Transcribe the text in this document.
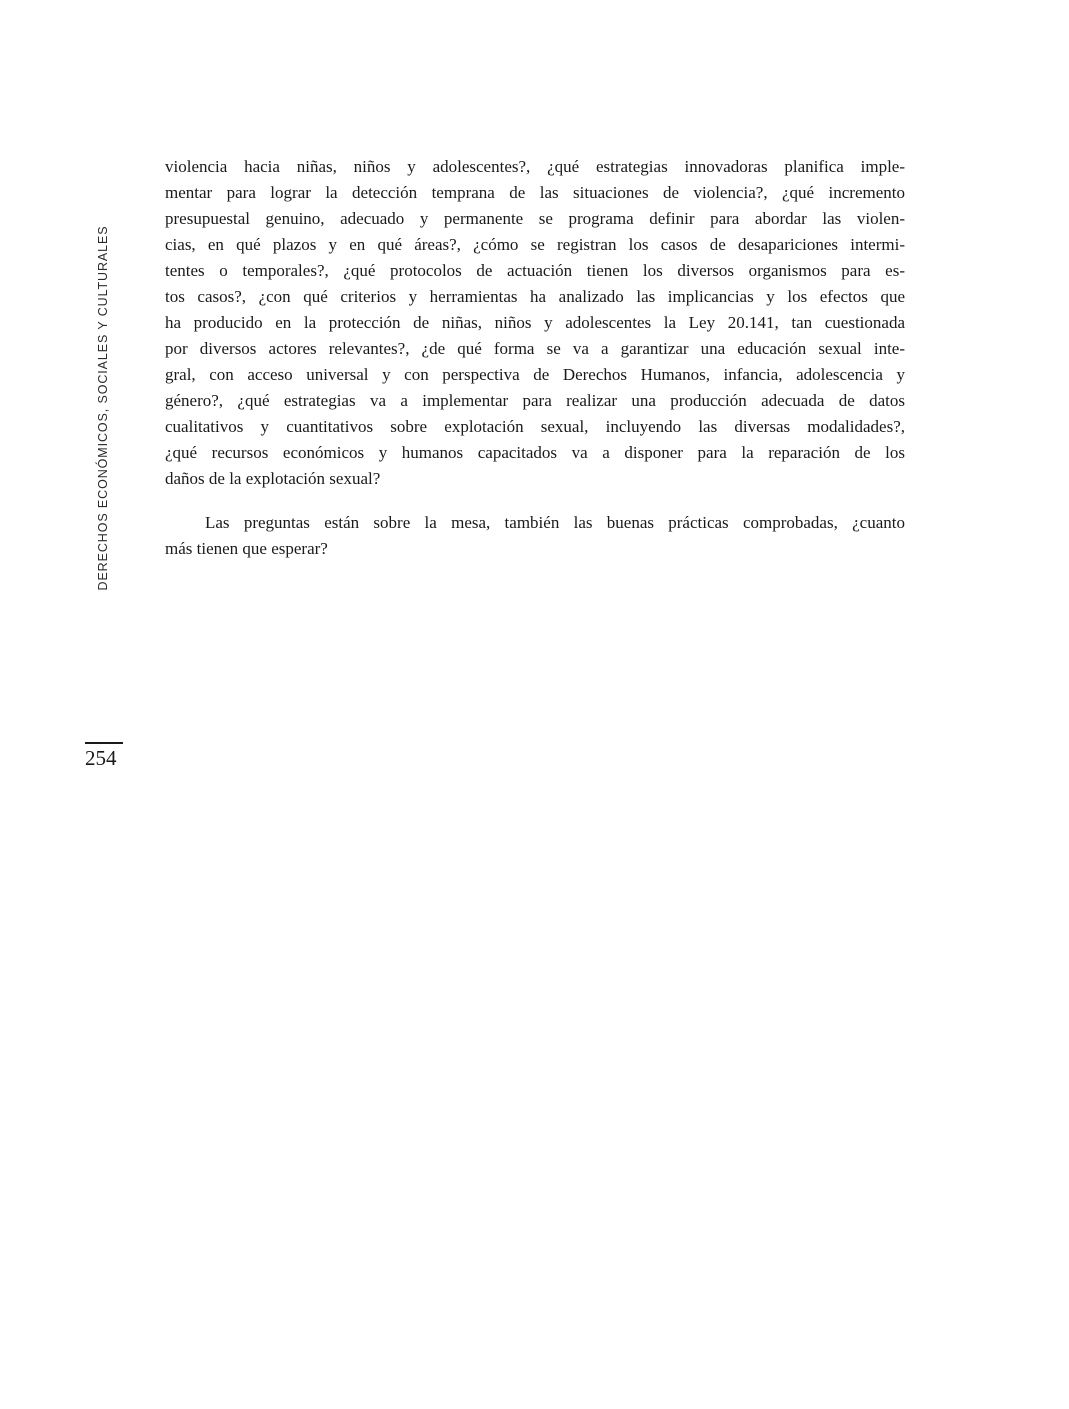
DERECHOS ECONÓMICOS, SOCIALES Y CULTURALES
254

violencia hacia niñas, niños y adolescentes?, ¿qué estrategias innovadoras planifica imple-
mentar para lograr la detección temprana de las situaciones de violencia?, ¿qué incremento
presupuestal genuino, adecuado y permanente se programa definir para abordar las violen-
cias, en qué plazos y en qué áreas?, ¿cómo se registran los casos de desapariciones intermi-
tentes o temporales?, ¿qué protocolos de actuación tienen los diversos organismos para es-
tos casos?, ¿con qué criterios y herramientas ha analizado las implicancias y los efectos que
ha producido en la protección de niñas, niños y adolescentes la Ley 20.141, tan cuestionada
por diversos actores relevantes?, ¿de qué forma se va a garantizar una educación sexual inte-
gral, con acceso universal y con perspectiva de Derechos Humanos, infancia, adolescencia y
género?, ¿qué estrategias va a implementar para realizar una producción adecuada de datos
cualitativos y cuantitativos sobre explotación sexual, incluyendo las diversas modalidades?,
¿qué recursos económicos y humanos capacitados va a disponer para la reparación de los
daños de la explotación sexual?

Las preguntas están sobre la mesa, también las buenas prácticas comprobadas, ¿cuanto
más tienen que esperar?
